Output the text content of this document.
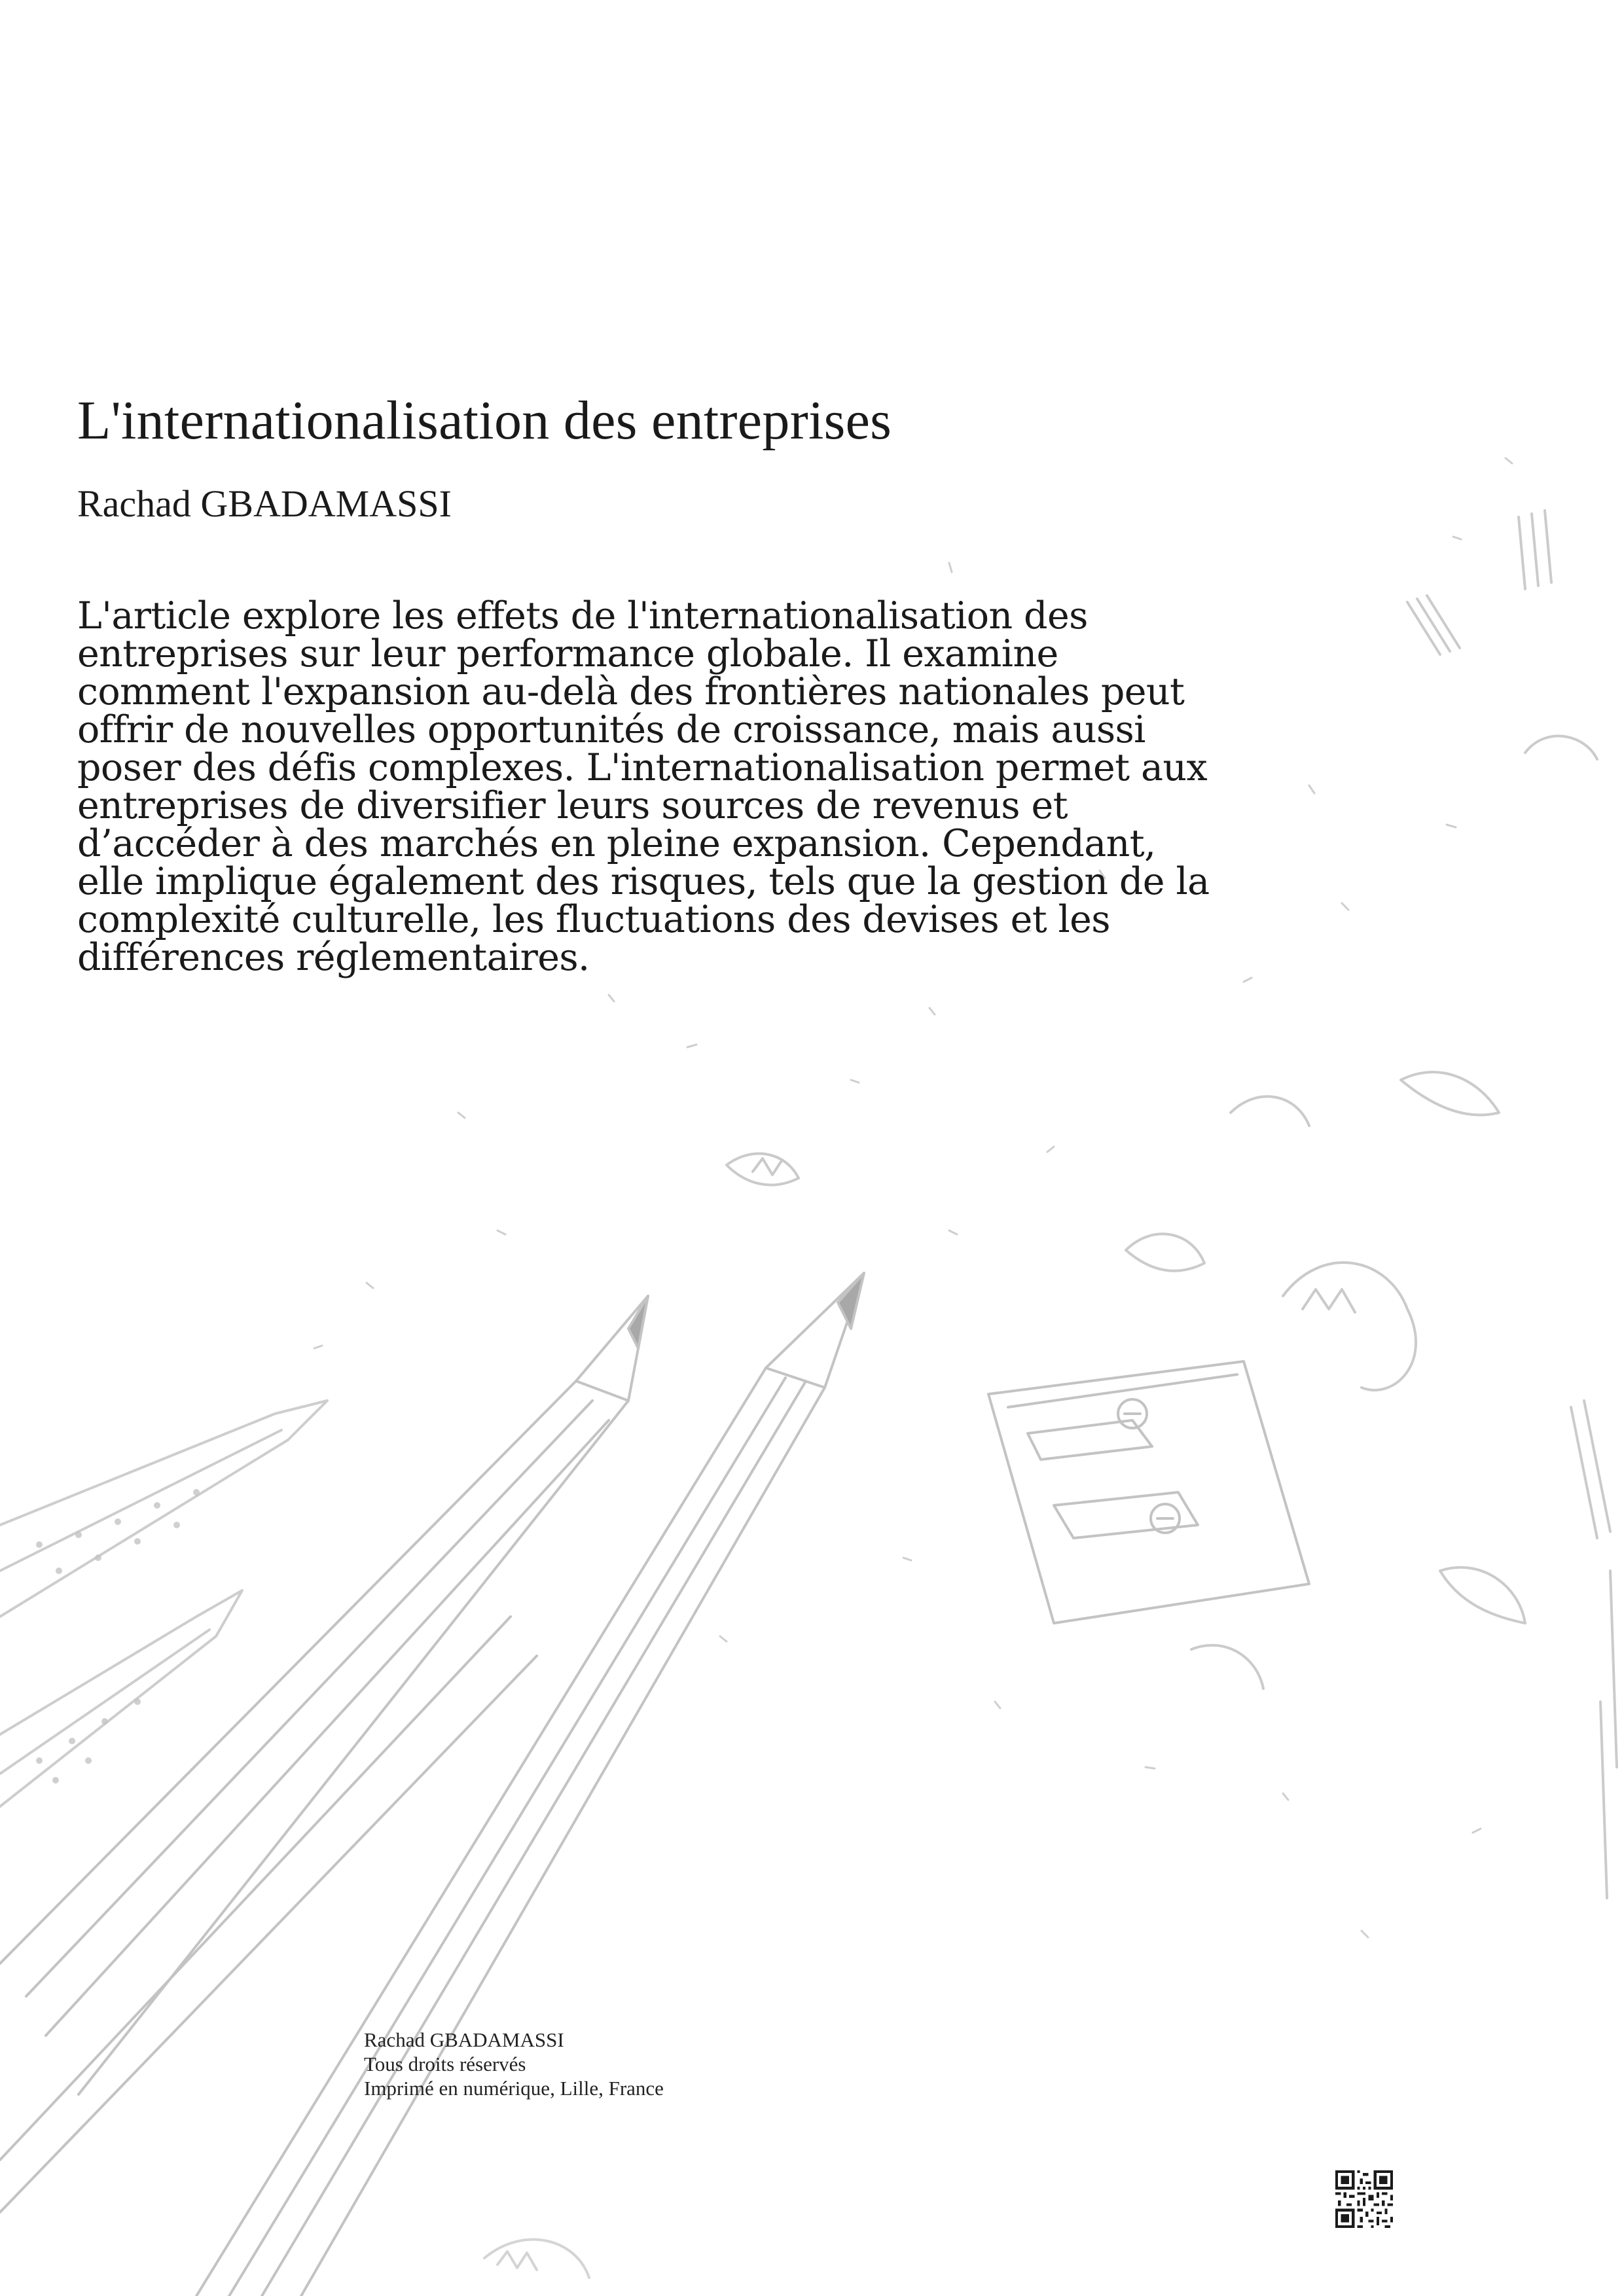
L'internationalisation des entreprises
Rachad GBADAMASSI

L'article explore les effets de l'internationalisation des entreprises sur leur performance globale. Il examine comment l'expansion au-delà des frontières nationales peut offrir de nouvelles opportunités de croissance, mais aussi poser des défis complexes. L'internationalisation permet aux entreprises de diversifier leurs sources de revenus et d’accéder à des marchés en pleine expansion. Cependant, elle implique également des risques, tels que la gestion de la complexité culturelle, les fluctuations des devises et les différences réglementaires.

Rachad GBADAMASSI
Tous droits réservés
Imprimé en numérique, Lille, France
